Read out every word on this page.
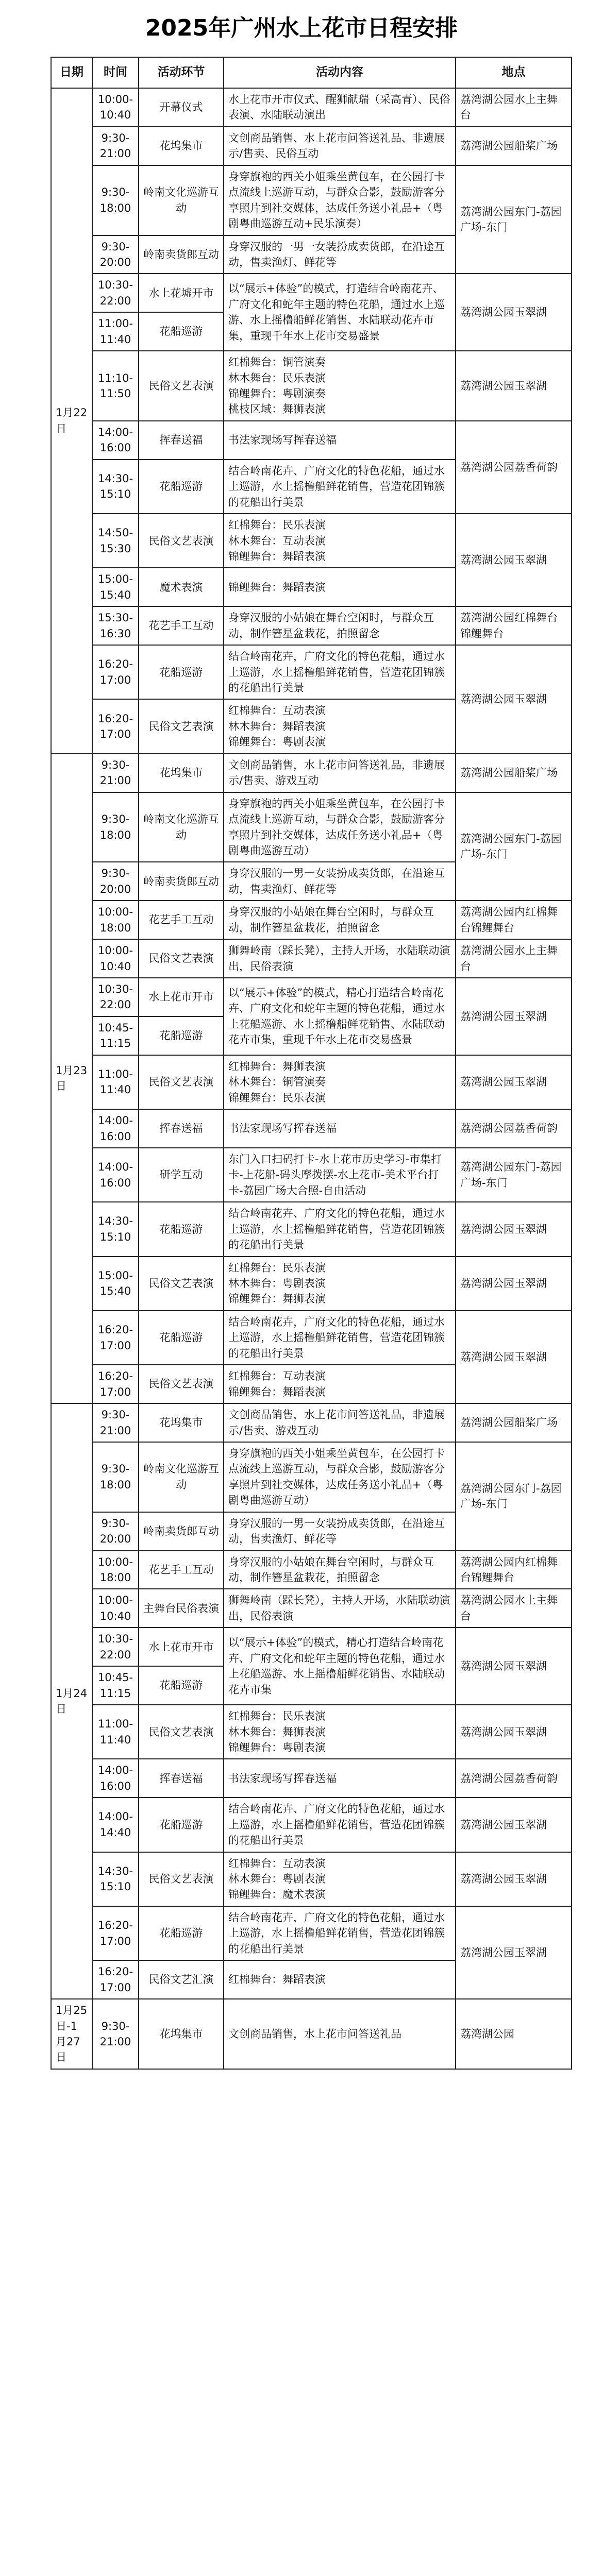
2025年广州水上花市日程安排
日期	时间	活动环节	活动内容	地点
1月22日	10:00-10:40	开幕仪式	水上花市开市仪式、醒狮献瑞（采高青）、民俗表演、水陆联动演出	荔湾湖公园水上主舞台
	9:30-21:00	花坞集市	文创商品销售、水上花市问答送礼品、非遗展示/售卖、民俗互动	荔湾湖公园船桨广场
	9:30-18:00	岭南文化巡游互动	身穿旗袍的西关小姐乘坐黄包车，在公园打卡点流线上巡游互动，与群众合影，鼓励游客分享照片到社交媒体，达成任务送小礼品+（粤剧粤曲巡游互动+民乐演奏）	荔湾湖公园东门-荔园广场-东门
	9:30-20:00	岭南卖货郎互动	身穿汉服的一男一女装扮成卖货郎，在沿途互动，售卖渔灯、鲜花等	
	10:30-22:00	水上花墟开市	以“展示+体验”的模式，打造结合岭南花卉、广府文化和蛇年主题的特色花船，通过水上巡游、水上摇橹船鲜花销售、水陆联动花卉市集，重现千年水上花市交易盛景	荔湾湖公园玉翠湖
	11:00-11:40	花船巡游		
	11:10-11:50	民俗文艺表演	红棉舞台：铜管演奏
林木舞台：民乐表演
锦鲤舞台：粤剧演奏
桃枝区域：舞狮表演	荔湾湖公园玉翠湖
	14:00-16:00	挥春送福	书法家现场写挥春送福	荔湾湖公园荔香荷韵
	14:30-15:10	花船巡游	结合岭南花卉、广府文化的特色花船，通过水上巡游，水上摇橹船鲜花销售，营造花团锦簇的花船出行美景	
	14:50-15:30	民俗文艺表演	红棉舞台：民乐表演
林木舞台：互动表演
锦鲤舞台：舞蹈表演	荔湾湖公园玉翠湖
	15:00-15:40	魔术表演	锦鲤舞台：舞蹈表演	
	15:30-16:30	花艺手工互动	身穿汉服的小姑娘在舞台空闲时，与群众互动，制作簪星盆栽花，拍照留念	荔湾湖公园红棉舞台锦鲤舞台
	16:20-17:00	花船巡游	结合岭南花卉，广府文化的特色花船，通过水上巡游，水上摇橹船鲜花销售，营造花团锦簇的花船出行美景	荔湾湖公园玉翠湖
	16:20-17:00	民俗文艺表演	红棉舞台：互动表演
林木舞台：舞蹈表演
锦鲤舞台：粤剧表演	
1月23日	9:30-21:00	花坞集市	文创商品销售，水上花市问答送礼品，非遗展示/售卖、游戏互动	荔湾湖公园船桨广场
	9:30-18:00	岭南文化巡游互动	身穿旗袍的西关小姐乘坐黄包车，在公园打卡点流线上巡游互动，与群众合影，鼓励游客分享照片到社交媒体，达成任务送小礼品+（粤剧粤曲巡游互动）	荔湾湖公园东门-荔园广场-东门
	9:30-20:00	岭南卖货郎互动	身穿汉服的一男一女装扮成卖货郎，在沿途互动，售卖渔灯、鲜花等	
	10:00-18:00	花艺手工互动	身穿汉服的小姑娘在舞台空闲时，与群众互动，制作簪星盆栽花，拍照留念	荔湾湖公园内红棉舞台锦鲤舞台
	10:00-10:40	民俗文艺表演	狮舞岭南（踩长凳），主持人开场，水陆联动演出，民俗表演	荔湾湖公园水上主舞台
	10:30-22:00	水上花市开市	以“展示+体验”的模式，精心打造结合岭南花卉、广府文化和蛇年主题的特色花船，通过水上花船巡游、水上摇橹船鲜花销售、水陆联动花卉市集，重现千年水上花市交易盛景	荔湾湖公园玉翠湖
	10:45-11:15	花船巡游		
	11:00-11:40	民俗文艺表演	红棉舞台：舞狮表演
林木舞台：铜管演奏
锦鲤舞台：民乐表演	荔湾湖公园玉翠湖
	14:00-16:00	挥春送福	书法家现场写挥春送福	荔湾湖公园荔香荷韵
	14:00-16:00	研学互动	东门入口扫码打卡-水上花市历史学习-市集打卡-上花船-码头摩拨摆-水上花市-美术平台打卡-荔园广场大合照-自由活动	荔湾湖公园东门-荔园广场-东门
	14:30-15:10	花船巡游	结合岭南花卉、广府文化的特色花船，通过水上巡游，水上摇橹船鲜花销售，营造花团锦簇的花船出行美景	荔湾湖公园玉翠湖
	15:00-15:40	民俗文艺表演	红棉舞台：民乐表演
林木舞台：粤剧表演
锦鲤舞台：舞狮表演	荔湾湖公园玉翠湖
	16:20-17:00	花船巡游	结合岭南花卉，广府文化的特色花船，通过水上巡游，水上摇橹船鲜花销售，营造花团锦簇的花船出行美景	荔湾湖公园玉翠湖
	16:20-17:00	民俗文艺表演	红棉舞台：互动表演
锦鲤舞台：舞蹈表演	
1月24日	9:30-21:00	花坞集市	文创商品销售，水上花市问答送礼品，非遗展示/售卖、游戏互动	荔湾湖公园船桨广场
	9:30-18:00	岭南文化巡游互动	身穿旗袍的西关小姐乘坐黄包车，在公园打卡点流线上巡游互动，与群众合影，鼓励游客分享照片到社交媒体，达成任务送小礼品+（粤剧粤曲巡游互动）	荔湾湖公园东门-荔园广场-东门
	9:30-20:00	岭南卖货郎互动	身穿汉服的一男一女装扮成卖货郎，在沿途互动，售卖渔灯、鲜花等	
	10:00-18:00	花艺手工互动	身穿汉服的小姑娘在舞台空闲时，与群众互动，制作簪星盆栽花，拍照留念	荔湾湖公园内红棉舞台锦鲤舞台
	10:00-10:40	主舞台民俗表演	狮舞岭南（踩长凳），主持人开场，水陆联动演出，民俗表演	荔湾湖公园水上主舞台
	10:30-22:00	水上花市开市	以“展示+体验”的模式，精心打造结合岭南花卉、广府文化和蛇年主题的特色花船，通过水上花船巡游、水上摇橹船鲜花销售、水陆联动花卉市集	荔湾湖公园玉翠湖
	10:45-11:15	花船巡游		
	11:00-11:40	民俗文艺表演	红棉舞台：民乐表演
林木舞台：舞狮表演
锦鲤舞台：粤剧表演	荔湾湖公园玉翠湖
	14:00-16:00	挥春送福	书法家现场写挥春送福	荔湾湖公园荔香荷韵
	14:00-14:40	花船巡游	结合岭南花卉、广府文化的特色花船，通过水上巡游，水上摇橹船鲜花销售，营造花团锦簇的花船出行美景	荔湾湖公园玉翠湖
	14:30-15:10	民俗文艺表演	红棉舞台：互动表演
林木舞台：粤剧表演
锦鲤舞台：魔术表演	荔湾湖公园玉翠湖
	16:20-17:00	花船巡游	结合岭南花卉，广府文化的特色花船，通过水上巡游，水上摇橹船鲜花销售，营造花团锦簇的花船出行美景	荔湾湖公园玉翠湖
	16:20-17:00	民俗文艺汇演	红棉舞台：舞蹈表演	
1月25日-1月27日	9:30-21:00	花坞集市	文创商品销售，水上花市问答送礼品	荔湾湖公园
